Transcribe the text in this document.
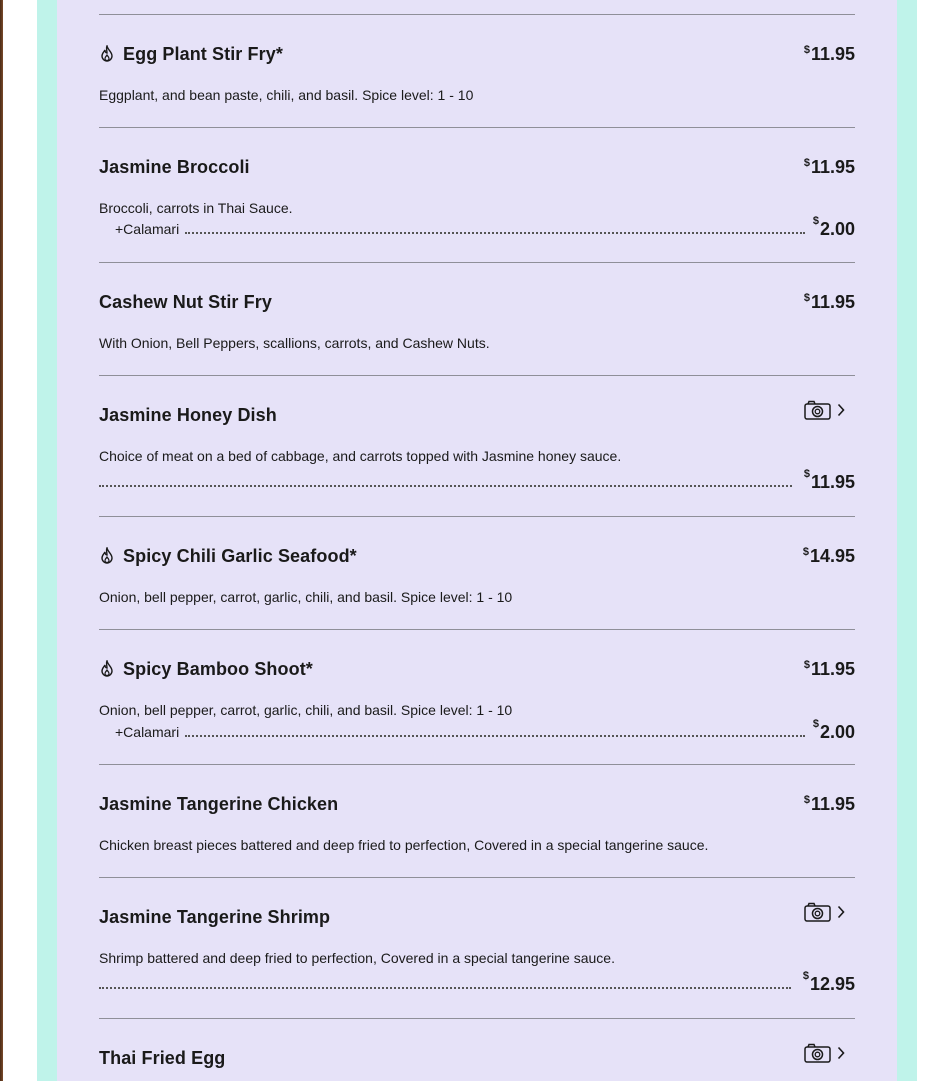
Egg Plant Stir Fry*	$ 11.95
Eggplant, and bean paste, chili, and basil. Spice level: 1 - 10
Jasmine Broccoli	$ 11.95
Broccoli, carrots in Thai Sauce.
+Calamari
$2.00
Cashew Nut Stir Fry	$ 11.95
With Onion, Bell Peppers, scallions, carrots, and Cashew Nuts.
Jasmine Honey Dish
Choice of meat on a bed of cabbage, and carrots topped with Jasmine honey sauce.
$11.95
Spicy Chili Garlic Seafood*	$ 14.95
Onion, bell pepper, carrot, garlic, chili, and basil. Spice level: 1 - 10
Spicy Bamboo Shoot*	$ 11.95
Onion, bell pepper, carrot, garlic, chili, and basil. Spice level: 1 - 10
+Calamari
$2.00
Jasmine Tangerine Chicken	$ 11.95
Chicken breast pieces battered and deep fried to perfection, Covered in a special tangerine sauce.
Jasmine Tangerine Shrimp
Shrimp battered and deep fried to perfection, Covered in a special tangerine sauce.
$12.95
Thai Fried Egg
